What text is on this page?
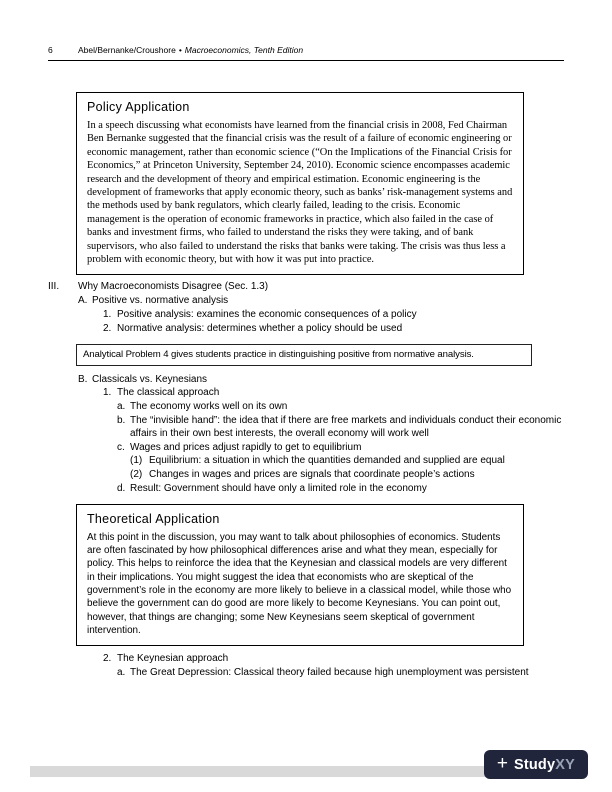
6	Abel/Bernanke/Croushore • Macroeconomics, Tenth Edition
Policy Application

In a speech discussing what economists have learned from the financial crisis in 2008, Fed Chairman Ben Bernanke suggested that the financial crisis was the result of a failure of economic engineering or economic management, rather than economic science (“On the Implications of the Financial Crisis for Economics,” at Princeton University, September 24, 2010). Economic science encompasses academic research and the development of theory and empirical estimation. Economic engineering is the development of frameworks that apply economic theory, such as banks’ risk-management systems and the methods used by bank regulators, which clearly failed, leading to the crisis. Economic management is the operation of economic frameworks in practice, which also failed in the case of banks and investment firms, who failed to understand the risks they were taking, and of bank supervisors, who also failed to understand the risks that banks were taking. The crisis was thus less a problem with economic theory, but with how it was put into practice.

III.	Why Macroeconomists Disagree (Sec. 1.3)
A. Positive vs. normative analysis
1. Positive analysis: examines the economic consequences of a policy
2. Normative analysis: determines whether a policy should be used
Analytical Problem 4 gives students practice in distinguishing positive from normative analysis.
B. Classicals vs. Keynesians
1. The classical approach
a. The economy works well on its own
b. The “invisible hand”: the idea that if there are free markets and individuals conduct their economic affairs in their own best interests, the overall economy will work well
c. Wages and prices adjust rapidly to get to equilibrium
(1) Equilibrium: a situation in which the quantities demanded and supplied are equal
(2) Changes in wages and prices are signals that coordinate people’s actions
d. Result: Government should have only a limited role in the economy
Theoretical Application

At this point in the discussion, you may want to talk about philosophies of economics. Students are often fascinated by how philosophical differences arise and what they mean, especially for policy. This helps to reinforce the idea that the Keynesian and classical models are very different in their implications. You might suggest the idea that economists who are skeptical of the government’s role in the economy are more likely to believe in a classical model, while those who believe the government can do good are more likely to become Keynesians. You can point out, however, that things are changing; some New Keynesians seem skeptical of government intervention.

2. The Keynesian approach
a. The Great Depression: Classical theory failed because high unemployment was persistent
+ Study XY
